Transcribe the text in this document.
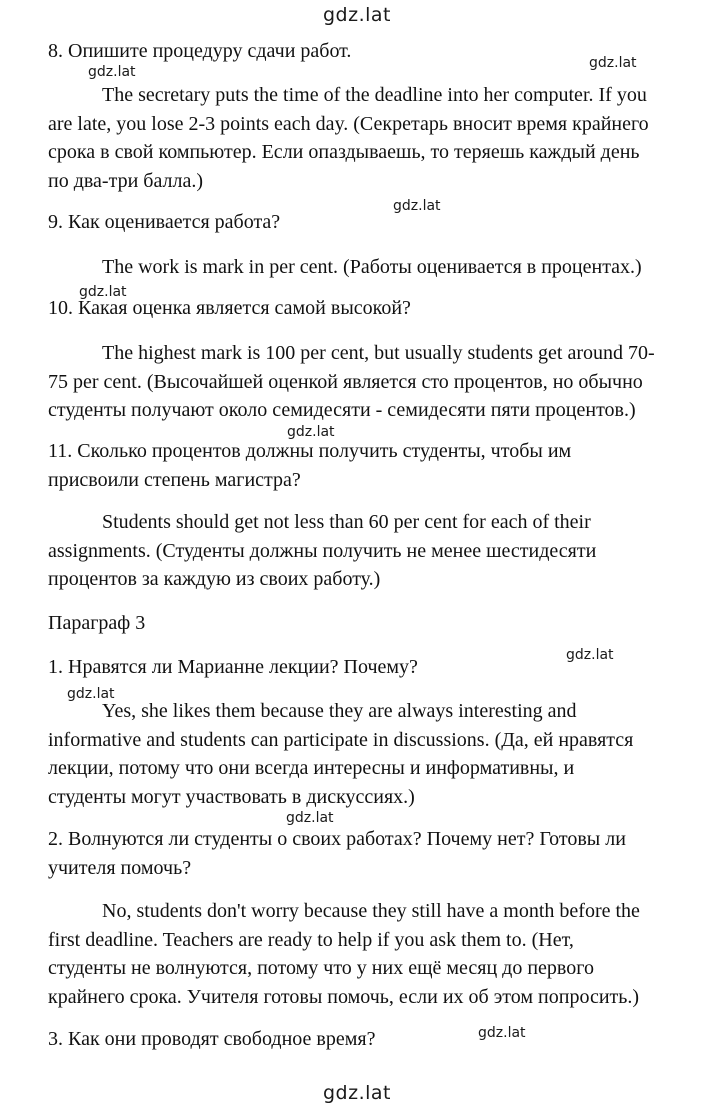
gdz.lat
gdz.lat
gdz.lat
gdz.lat
gdz.lat
gdz.lat
gdz.lat
gdz.lat
gdz.lat
gdz.lat
gdz.lat
8. Опишите процедуру сдачи работ.
The secretary puts the time of the deadline into her computer. If you
are late, you lose 2-3 points each day. (Секретарь вносит время крайнего
срока в свой компьютер. Если опаздываешь, то теряешь каждый день
по два-три балла.)
9. Как оценивается работа?
The work is mark in per cent. (Работы оценивается в процентах.)
10. Какая оценка является самой высокой?
The highest mark is 100 per cent, but usually students get around 70-
75 per cent. (Высочайшей оценкой является сто процентов, но обычно
студенты получают около семидесяти - семидесяти пяти процентов.)
11. Сколько процентов должны получить студенты, чтобы им
присвоили степень магистра?
Students should get not less than 60 per cent for each of their
assignments. (Студенты должны получить не менее шестидесяти
процентов за каждую из своих работу.)
Параграф 3
1. Нравятся ли Марианне лекции? Почему?
Yes, she likes them because they are always interesting and
informative and students can participate in discussions. (Да, ей нравятся
лекции, потому что они всегда интересны и информативны, и
студенты могут участвовать в дискуссиях.)
2. Волнуются ли студенты о своих работах? Почему нет? Готовы ли
учителя помочь?
No, students don't worry because they still have a month before the
first deadline. Teachers are ready to help if you ask them to. (Нет,
студенты не волнуются, потому что у них ещё месяц до первого
крайнего срока. Учителя готовы помочь, если их об этом попросить.)
3. Как они проводят свободное время?
